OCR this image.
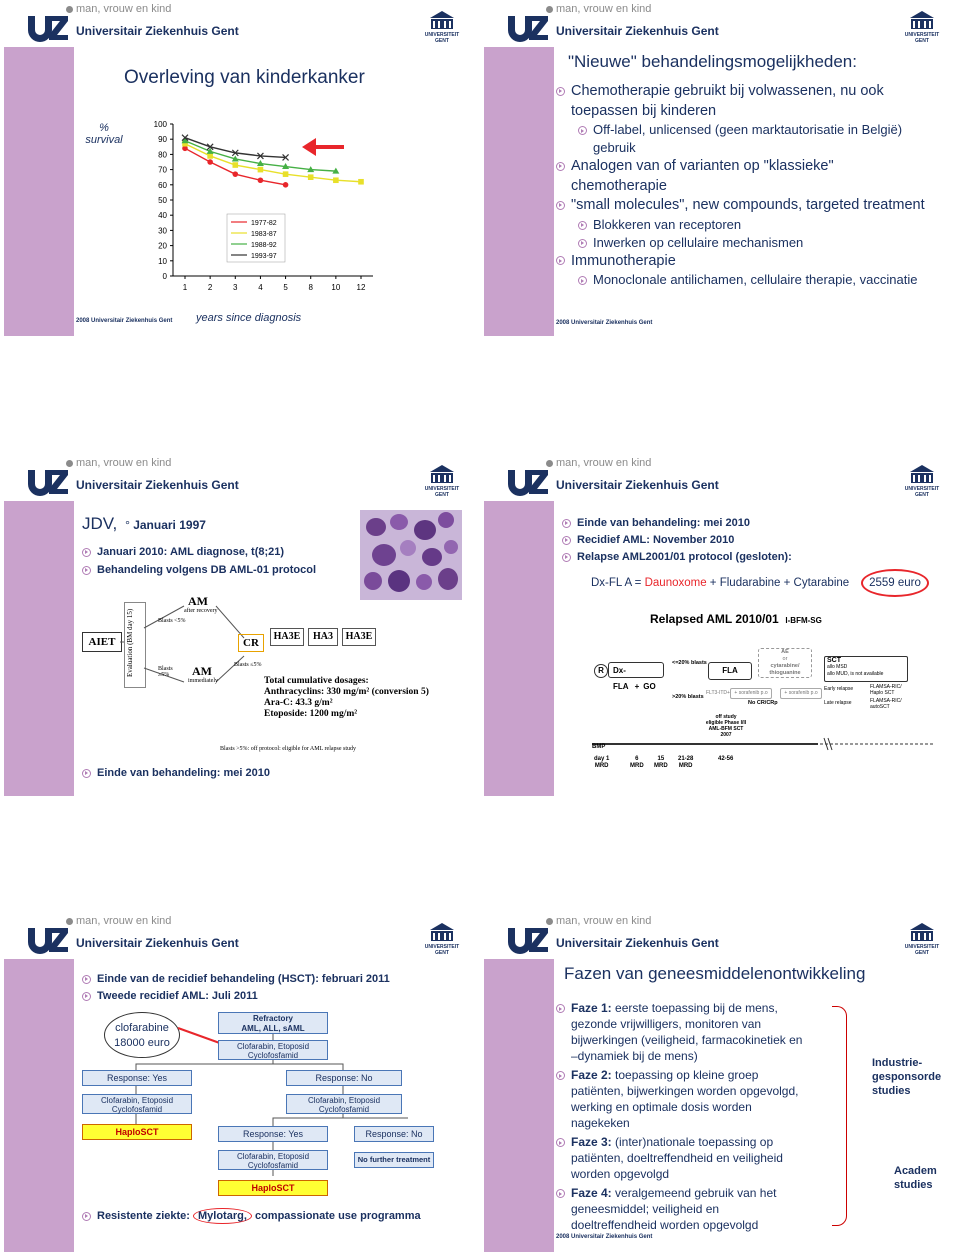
man, vrouw en kind
Universitair Ziekenhuis Gent	UNIVERSITEIT
GENT
Overleving van kinderkanker
% survival
0
10
20
30
40
50
60
70
80
90
100
1	2	3	4	5	8 10 12
1977-82
1983-87
1988-92
1993-97
years since diagnosis
2008 Universitair Ziekenhuis Gent
man, vrouw en kind
Universitair Ziekenhuis Gent	UNIVERSITEIT
GENT
"Nieuwe" behandelingsmogelijkheden:
Chemotherapie gebruikt bij volwassenen, nu ook
toepassen bij kinderen
Off-label, unlicensed (geen marktautorisatie in België)
gebruik
Analogen van of varianten op "klassieke"
chemotherapie
"small molecules", new compounds, targeted treatment
Blokkeren van receptoren
Inwerken op cellulaire mechanismen
Immunotherapie
Monoclonale antilichamen, cellulaire therapie, vaccinatie
2008 Universitair Ziekenhuis Gent
man, vrouw en kind
Universitair Ziekenhuis Gent	UNIVERSITEIT
GENT
JDV,  ° Januari 1997
Januari 2010: AML diagnose, t(8;21)
Behandeling volgens DB AML-01 protocol
AIET	Evaluation (BM day 15)
AM
after recovery
Blasts <5%
AM
immediately
Blasts ≥5%
CR
HA3E	HA3	HA3E
Blasts ≤5%
Total cumulative dosages:
Anthracyclins: 330 mg/m² (conversion 5)
Ara-C: 43.3 g/m²
Etoposide: 1200 mg/m²
Blasts >5%: off protocol: eligible for AML relapse study
Einde van behandeling: mei 2010
man, vrouw en kind
Universitair Ziekenhuis Gent	UNIVERSITEIT
GENT
Einde van behandeling: mei 2010
Recidief AML: November 2010
Relapse AML2001/01 protocol (gesloten):
Dx-FL A = Daunoxome + Fludarabine + Cytarabine	2559 euro
Relapsed AML 2010/01 I-BFM-SG
R	Dx-FLA + GO
<=20% blasts
>20% blasts
FLA
FLT3-ITD+ + sorafenib p.o	+ sorafenib p.o
No CR/CRp
AE
or
cytarabine/
thioguanine
SCT
allo MSD
allo MUD, is not available
Early relapse
Late relapse
FLAMSA-RIC/
Haplo SCT
FLAMSA-RIC/
autoSCT
off study
eligible Phase I/II
AML-BFM SCT
2007
BMP
day 1
MRD
6
MRD
15
MRD
21-28
MRD
42-56
man, vrouw en kind
Universitair Ziekenhuis Gent	UNIVERSITEIT
GENT
Einde van de recidief behandeling (HSCT): februari 2011
Tweede recidief AML: Juli 2011
clofarabine
18000 euro
Refractory
AML, ALL, sAML
Clofarabin, Etoposid
Cyclofosfamid
Response: Yes	Response: No
Clofarabin, Etoposid
Cyclofosfamid
Clofarabin, Etoposid
Cyclofosfamid
HaploSCT	Response: Yes	Response: No
Clofarabin, Etoposid
Cyclofosfamid
No further treatment
HaploSCT
Resistente ziekte: Mylotarg, compassionate use programma
man, vrouw en kind
Universitair Ziekenhuis Gent	UNIVERSITEIT
GENT
Fazen van geneesmiddelenontwikkeling
Faze 1: eerste toepassing bij de mens,
gezonde vrijwilligers, monitoren van
bijwerkingen (veiligheid, farmacokinetiek en
–dynamiek bij de mens)
Faze 2: toepassing op kleine groep
patiënten, bijwerkingen worden opgevolgd,
werking en optimale dosis worden
nagekeken
Faze 3: (inter)nationale toepassing op
patiënten, doeltreffendheid en veiligheid
worden opgevolgd
Faze 4: veralgemeend gebruik van het
geneesmiddel; veiligheid en
doeltreffendheid worden opgevolgd
Industrie-
gesponsorde
studies
Academ
studies
2008 Universitair Ziekenhuis Gent
